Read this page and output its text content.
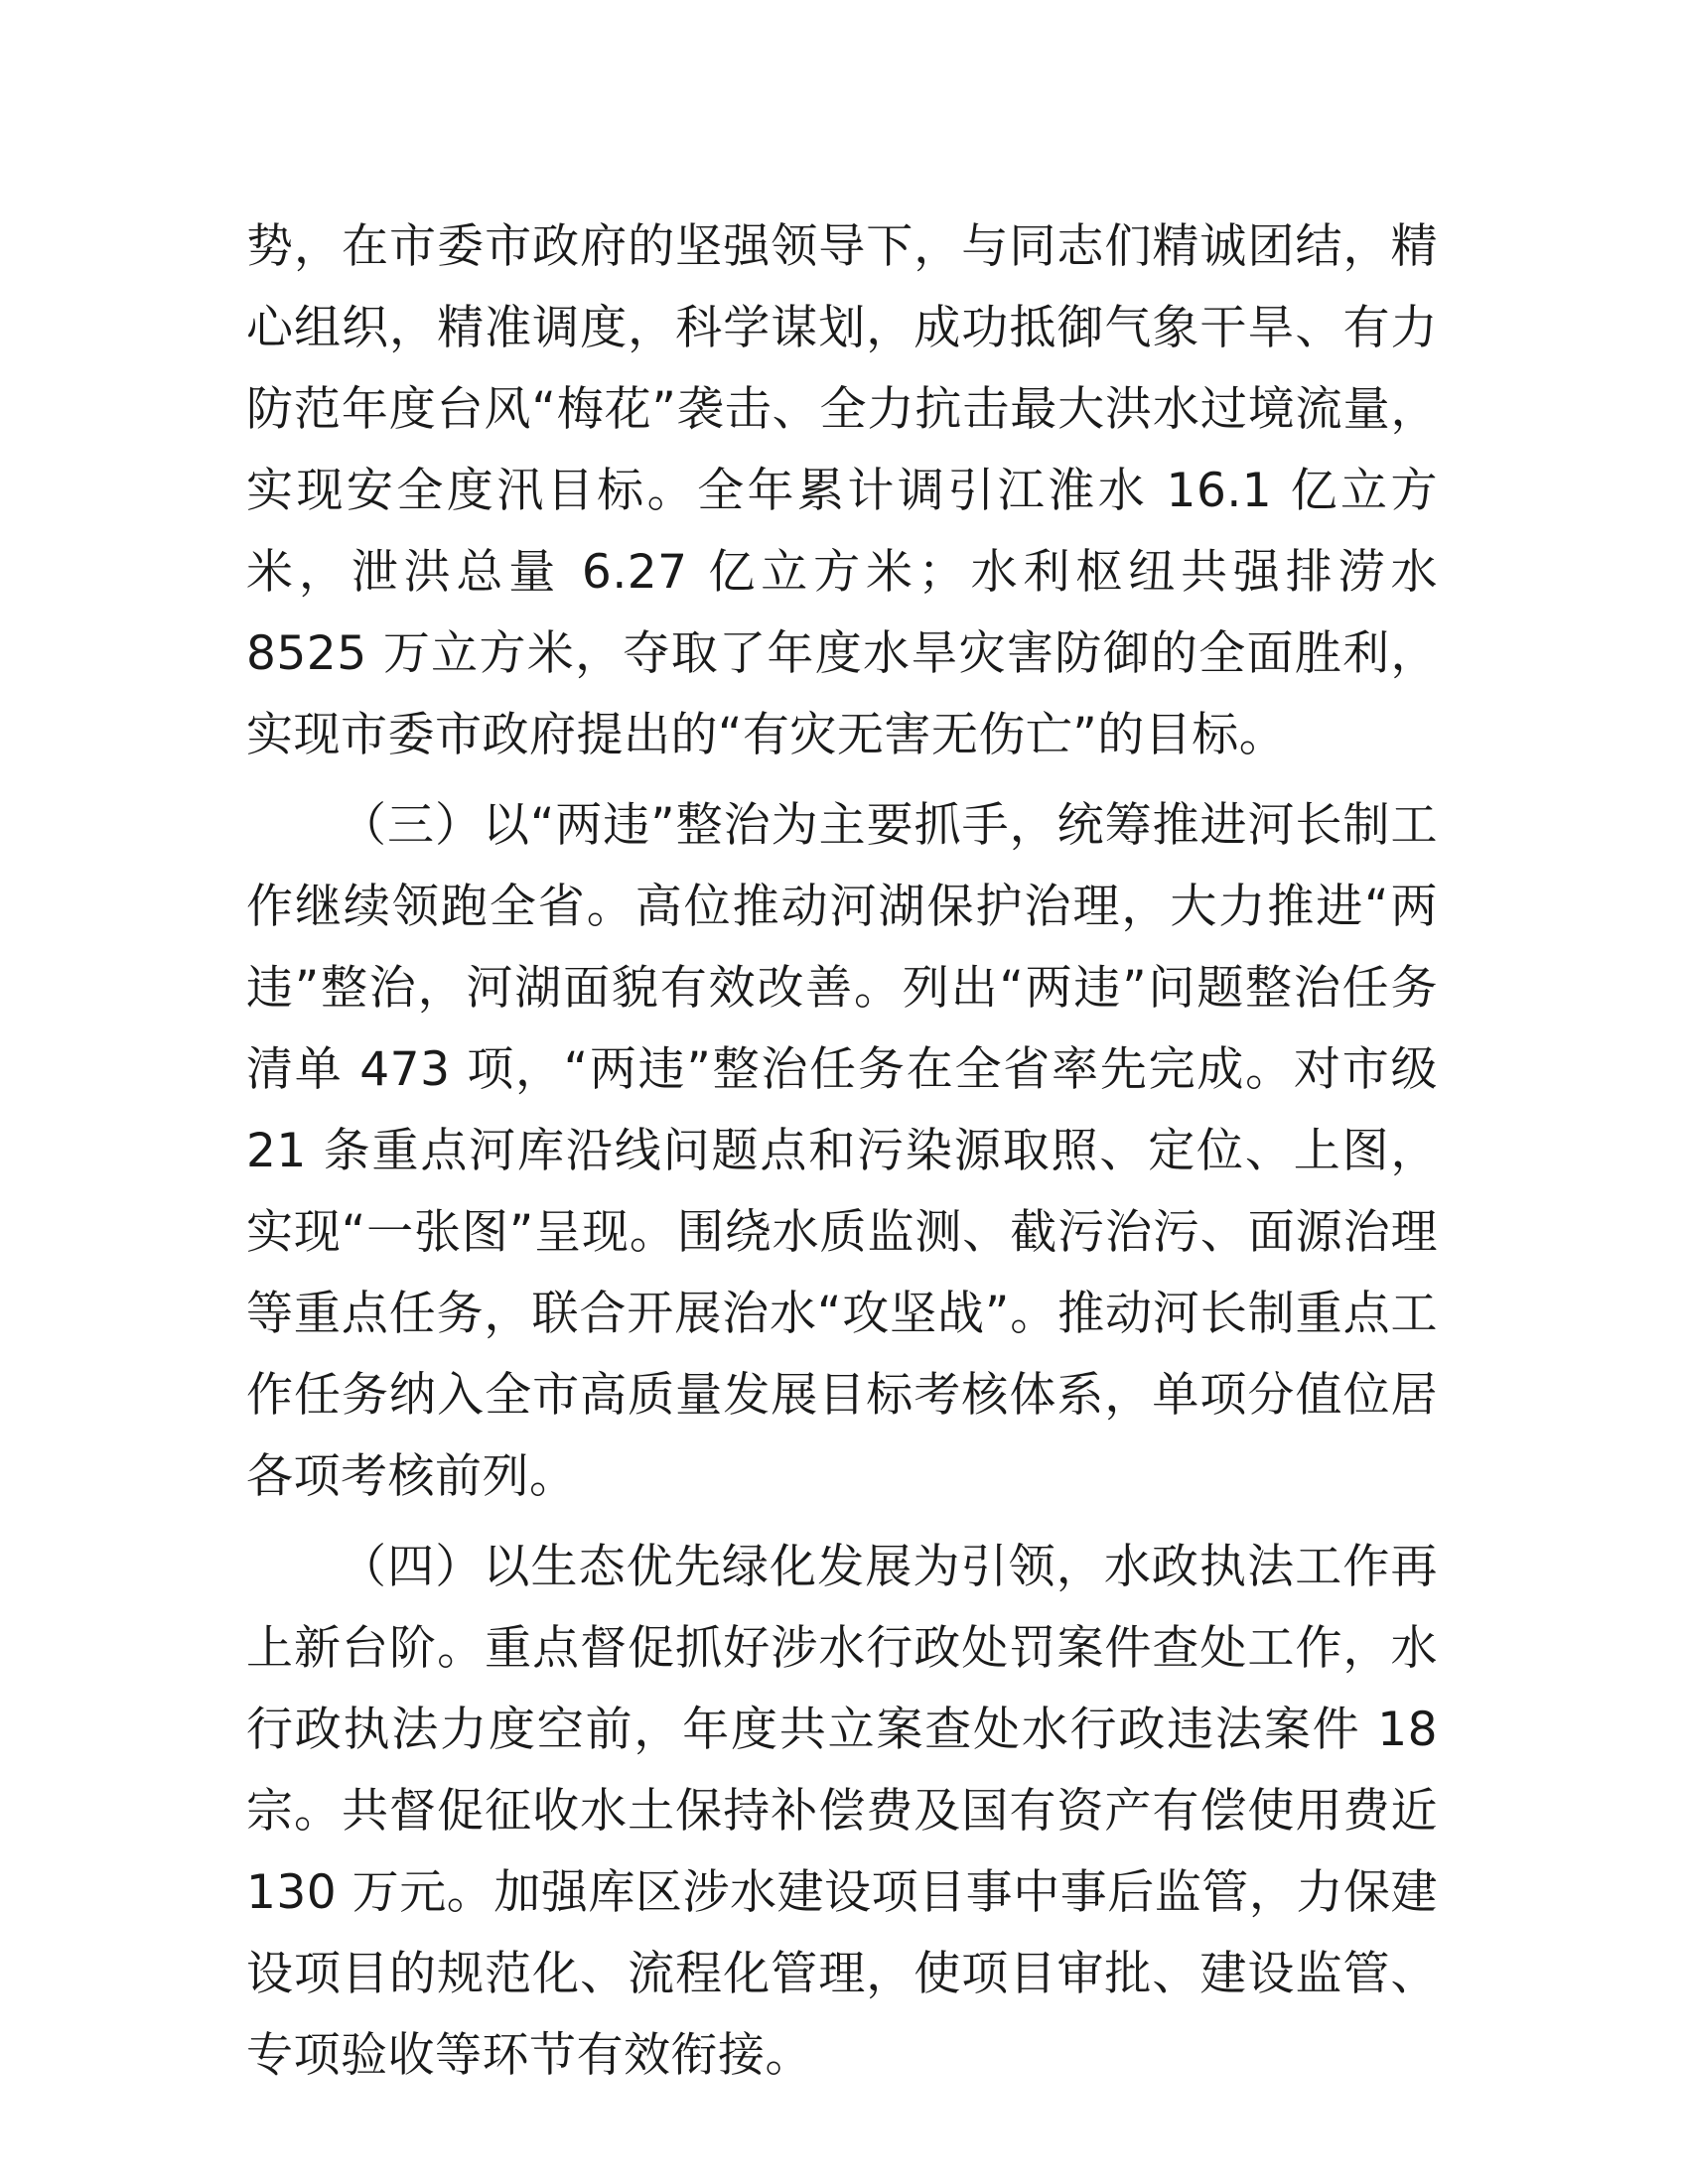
势，在市委市政府的坚强领导下，与同志们精诚团结，精心组织，精准调度，科学谋划，成功抵御气象干旱、有力防范年度台风“梅花”袭击、全力抗击最大洪水过境流量，实现安全度汛目标。全年累计调引江淮水 16.1 亿立方米，泄洪总量 6.27 亿立方米；水利枢纽共强排涝水 8525 万立方米，夺取了年度水旱灾害防御的全面胜利，实现市委市政府提出的“有灾无害无伤亡”的目标。

（三）以“两违”整治为主要抓手，统筹推进河长制工作继续领跑全省。高位推动河湖保护治理，大力推进“两违”整治，河湖面貌有效改善。列出“两违”问题整治任务清单 473 项，“两违”整治任务在全省率先完成。对市级 21 条重点河库沿线问题点和污染源取照、定位、上图，实现“一张图”呈现。围绕水质监测、截污治污、面源治理等重点任务，联合开展治水“攻坚战”。推动河长制重点工作任务纳入全市高质量发展目标考核体系，单项分值位居各项考核前列。

（四）以生态优先绿化发展为引领，水政执法工作再上新台阶。重点督促抓好涉水行政处罚案件查处工作，水行政执法力度空前，年度共立案查处水行政违法案件 18 宗。共督促征收水土保持补偿费及国有资产有偿使用费近 130 万元。加强库区涉水建设项目事中事后监管，力保建设项目的规范化、流程化管理，使项目审批、建设监管、专项验收等环节有效衔接。
